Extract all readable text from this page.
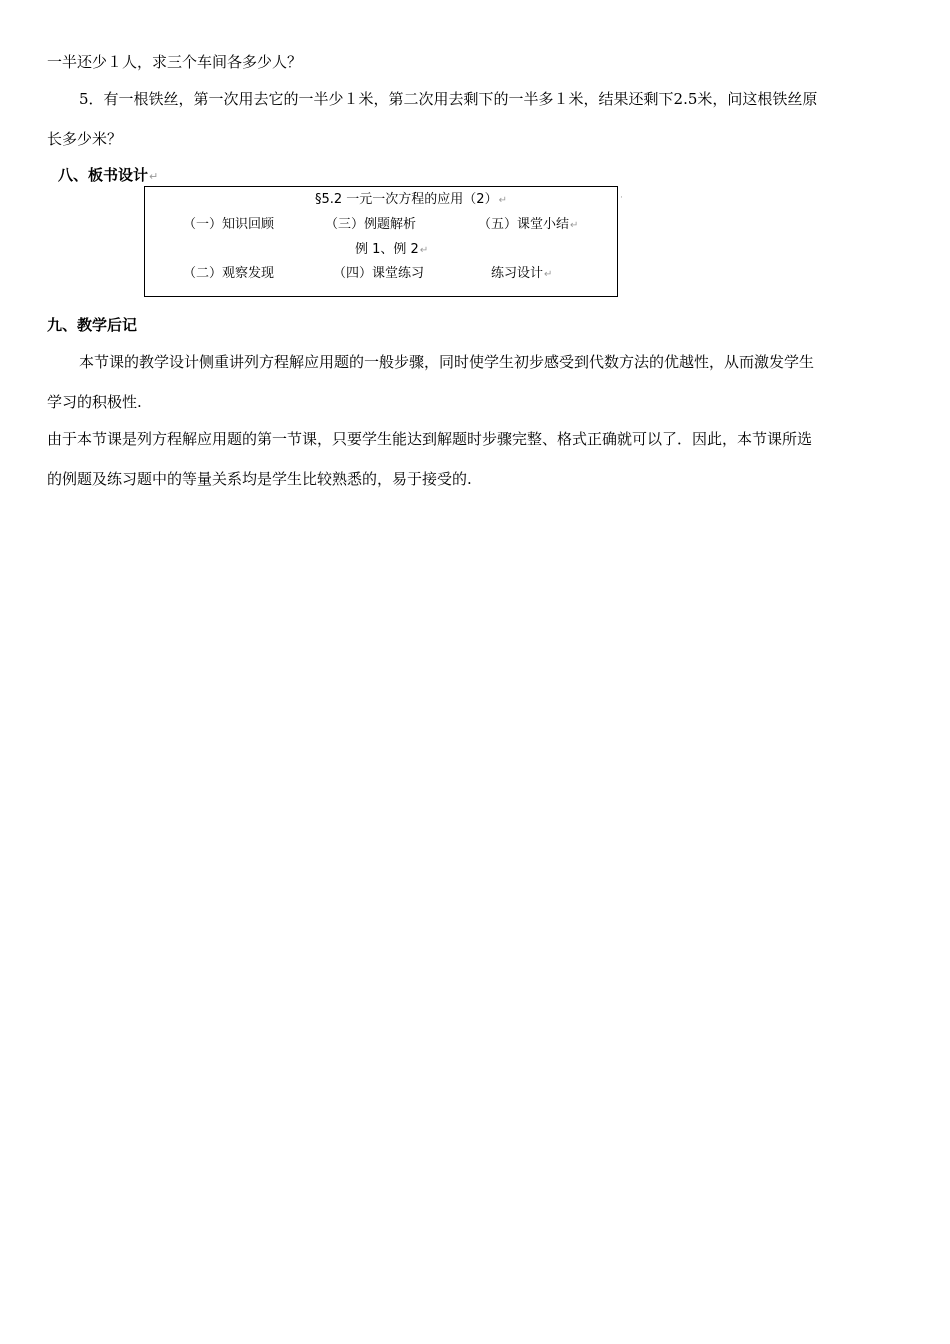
一半还少１人，求三个车间各多少人？
5．有一根铁丝，第一次用去它的一半少１米，第二次用去剩下的一半多１米，结果还剩下2.5米，问这根铁丝原
长多少米？
八、板书设计↵
§5.2 一元一次方程的应用（2）↵
（一）知识回顾	（三）例题解析	（五）课堂小结↵
例 1、例 2↵
（二）观察发现	（四）课堂练习	练习设计↵
·
九、教学后记
本节课的教学设计侧重讲列方程解应用题的一般步骤，同时使学生初步感受到代数方法的优越性，从而激发学生
学习的积极性.
由于本节课是列方程解应用题的第一节课，只要学生能达到解题时步骤完整、格式正确就可以了．因此，本节课所选
的例题及练习题中的等量关系均是学生比较熟悉的，易于接受的.
